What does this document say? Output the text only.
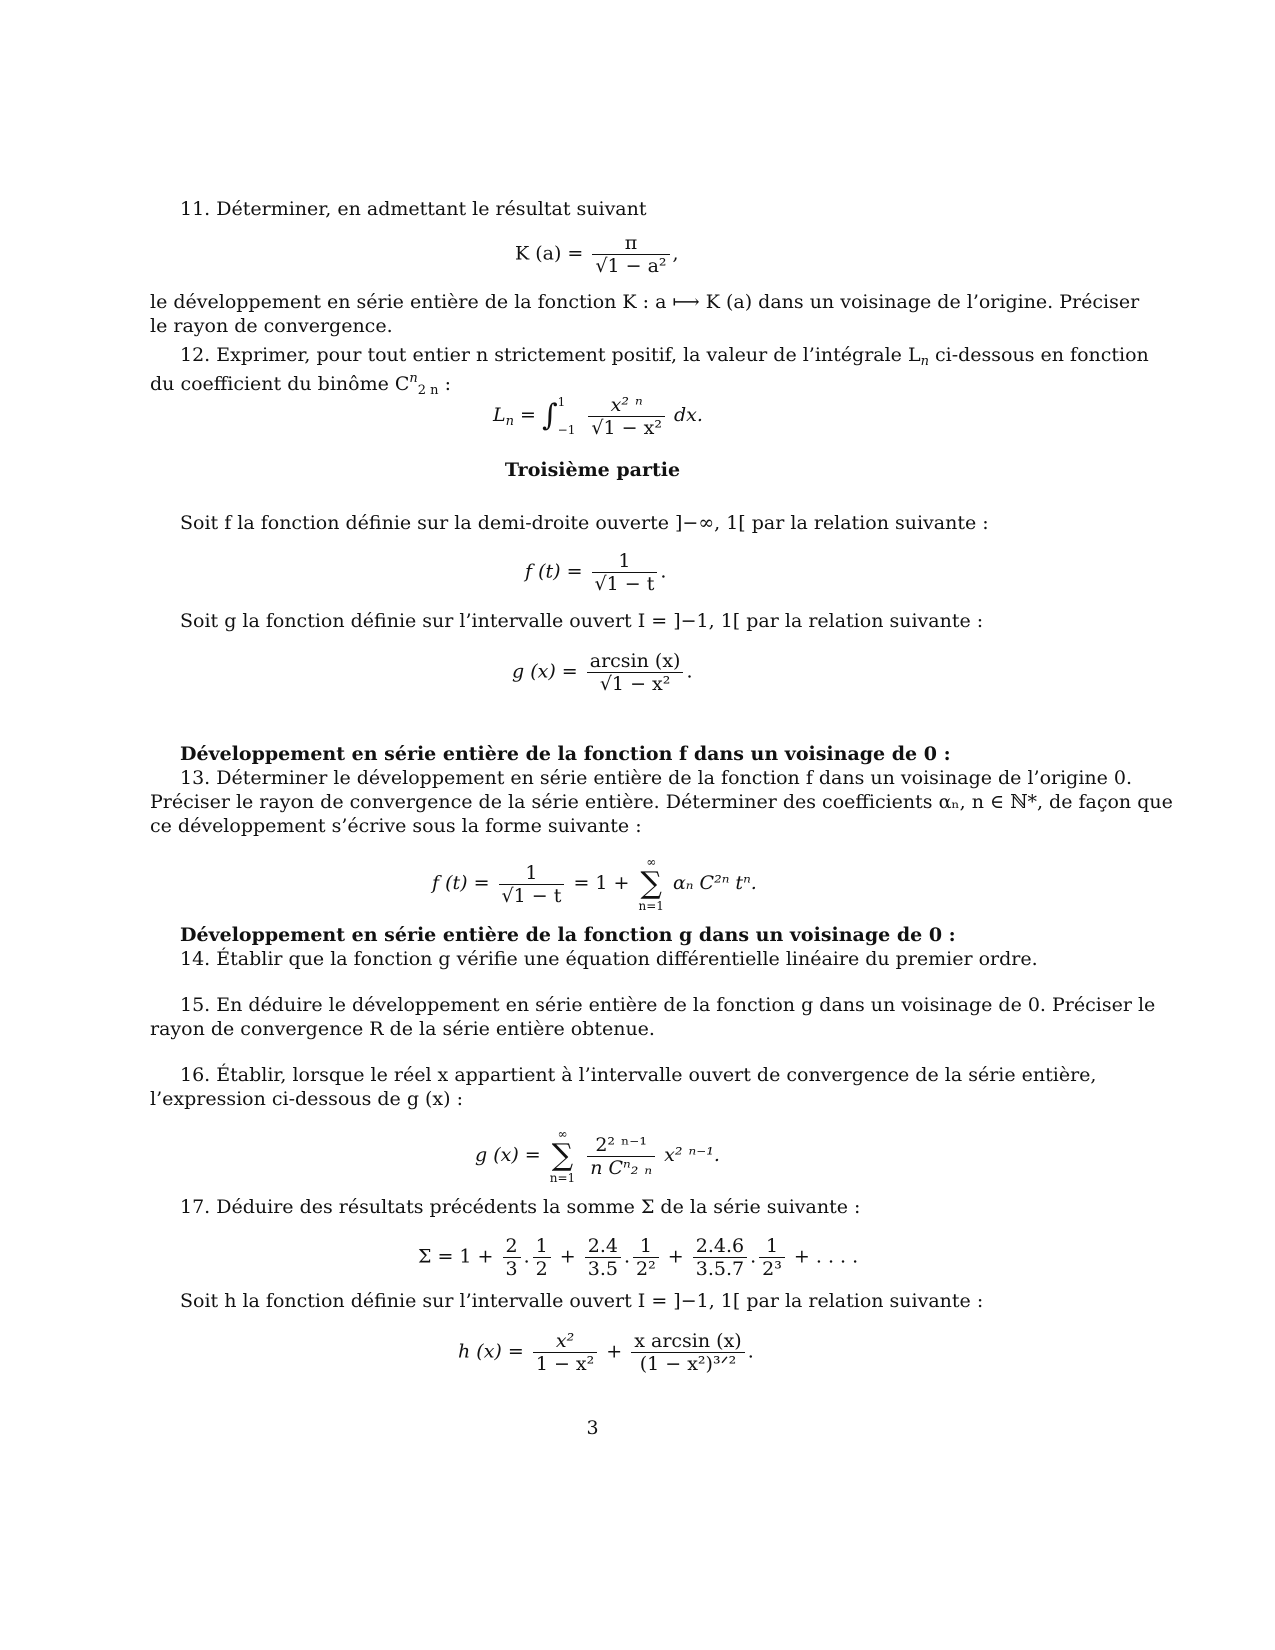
11. Déterminer, en admettant le résultat suivant
K $(a) = \frac{\pi}{\text{√1 − a²}}$ ,
le développement en série entière de la fonction K : a ⟼ K (a) dans un voisinage de l’origine. Préciser
le rayon de convergence.
12. Exprimer, pour tout entier n strictement positif, la valeur de l’intégrale $L_n$ ci-dessous en fonction
du coefficient du binôme $C^n_{2 n}$ :
$L_n$ = ∫ 1
−1
$\frac{\text{x² ⁿ}}{\text{√1 − x²}}$ dx.
Troisième partie
Soit f la fonction définie sur la demi-droite ouverte ]−∞, 1[ par la relation suivante :
f $(t) = \frac{1}{√1 - t}$ .
Soit g la fonction définie sur l’intervalle ouvert I = ]−1, 1[ par la relation suivante :
g $(x) = \frac{\arcsin (x)}{\text{√1 − x²}}$ .
Développement en série entière de la fonction f dans un voisinage de 0 :
13. Déterminer le développement en série entière de la fonction f dans un voisinage de l’origine 0.
Préciser le rayon de convergence de la série entière. Déterminer des coefficients αₙ, n ∈ ℕ*, de façon que
ce développement s’écrive sous la forme suivante :
f $(t) = \frac{1}{√1 - t} = 1$ +
∞
∑
n=1
αₙ C²ⁿ tⁿ.
Développement en série entière de la fonction g dans un voisinage de 0 :
14. Établir que la fonction g vérifie une équation différentielle linéaire du premier ordre.
15. En déduire le développement en série entière de la fonction g dans un voisinage de 0. Préciser le
rayon de convergence R de la série entière obtenue.
16. Établir, lorsque le réel x appartient à l’intervalle ouvert de convergence de la série entière,
l’expression ci-dessous de g (x) :
g (x) =
∞
∑
n=1
$\frac{\text{2² ⁿ⁻¹}}{\text{n Cⁿ₂ ₙ}} x^2$ ⁿ⁻¹.
17. Déduire des résultats précédents la somme Σ de la série suivante :
$\Sigma = 1 + \frac{2}{3}$ . $\frac{1}{2} + \frac{2.4}{3.5}$ . $\frac{1}{\text{2²}} + \frac{2.4.6}{3.5.7}$ . $\frac{1}{\text{2³}}$ + . . . .
Soit h la fonction définie sur l’intervalle ouvert I = ]−1, 1[ par la relation suivante :
h $(x) = \frac{\text{x²}}{\text{1 − x²}} + \frac{\text{x arcsin (x)}}{\text{(1 − x²)³ᐟ²}}$ .
3
